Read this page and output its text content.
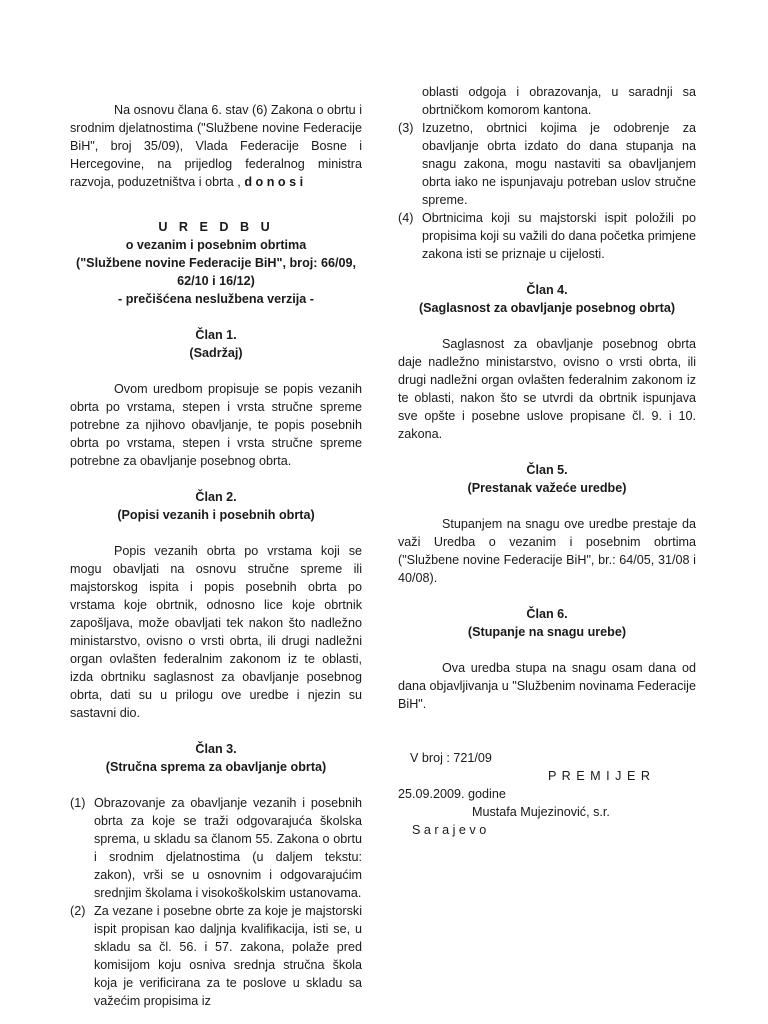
Na osnovu člana 6. stav (6) Zakona o obrtu i srodnim djelatnostima ("Službene novine Federacije BiH", broj 35/09), Vlada Federacije Bosne i Hercegovine, na prijedlog federalnog ministra razvoja, poduzetništva i obrta , d o n o s i

U R E D B U

o vezanim i posebnim obrtima

("Službene novine Federacije BiH", broj: 66/09, 62/10 i 16/12)

- prečišćena neslužbena verzija -

Član 1.

(Sadržaj)

Ovom uredbom propisuje se popis vezanih obrta po vrstama, stepen i vrsta stručne spreme potrebne za njihovo obavljanje, te popis posebnih obrta po vrstama, stepen i vrsta stručne spreme potrebne za obavljanje posebnog obrta.

Član 2.

(Popisi vezanih i posebnih obrta)

Popis vezanih obrta po vrstama koji se mogu obavljati na osnovu stručne spreme ili majstorskog ispita i popis posebnih obrta po vrstama koje obrtnik, odnosno lice koje obrtnik zapošljava, može obavljati tek nakon što nadležno ministarstvo, ovisno o vrsti obrta, ili drugi nadležni organ ovlašten federalnim zakonom iz te oblasti, izda obrtniku saglasnost za obavljanje posebnog obrta, dati su u prilogu ove uredbe i njezin su sastavni dio.

Član 3.

(Stručna sprema za obavljanje obrta)

(1) Obrazovanje za obavljanje vezanih i posebnih obrta za koje se traži odgovarajuća školska sprema, u skladu sa članom 55. Zakona o obrtu i srodnim djelatnostima (u daljem tekstu: zakon), vrši se u osnovnim i odgovarajućim srednjim školama i visokoškolskim ustanovama.

(2) Za vezane i posebne obrte za koje je majstorski ispit propisan kao daljnja kvalifikacija, isti se, u skladu sa čl. 56. i 57. zakona, polaže pred komisijom koju osniva srednja stručna škola koja je verificirana za te poslove u skladu sa važećim propisima iz

oblasti odgoja i obrazovanja, u saradnji sa obrtničkom komorom kantona.

(3) Izuzetno, obrtnici kojima je odobrenje za obavljanje obrta izdato do dana stupanja na snagu zakona, mogu nastaviti sa obavljanjem obrta iako ne ispunjavaju potreban uslov stručne spreme.

(4) Obrtnicima koji su majstorski ispit položili po propisima koji su važili do dana početka primjene zakona isti se priznaje u cijelosti.

Član 4.

(Saglasnost za obavljanje posebnog obrta)

Saglasnost za obavljanje posebnog obrta daje nadležno ministarstvo, ovisno o vrsti obrta, ili drugi nadležni organ ovlašten federalnim zakonom iz te oblasti, nakon što se utvrdi da obrtnik ispunjava sve opšte i posebne uslove propisane čl. 9. i 10. zakona.

Član 5.

(Prestanak važeće uredbe)

Stupanjem na snagu ove uredbe prestaje da važi Uredba o vezanim i posebnim obrtima ("Službene novine Federacije BiH", br.: 64/05, 31/08 i 40/08).

Član 6.

(Stupanje na snagu urebe)

Ova uredba stupa na snagu osam dana od dana objavljivanja u "Službenim novinama Federacije BiH".

V broj : 721/09

P R E M I J E R

25.09.2009. godine

Mustafa Mujezinović, s.r.

S a r a j e v o
